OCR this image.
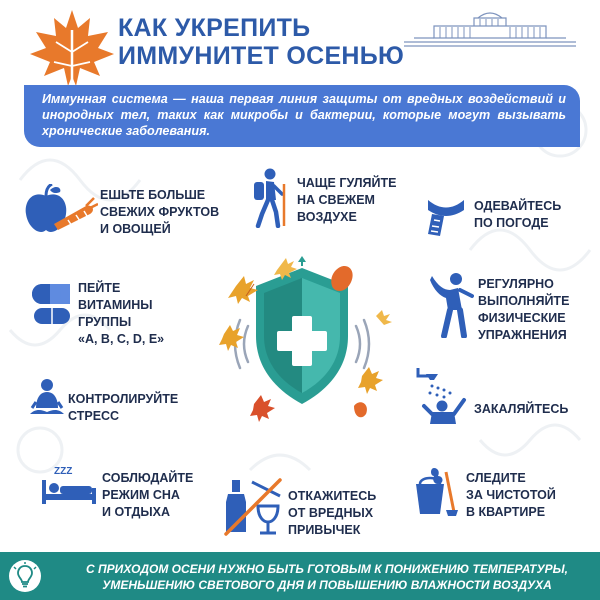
КАК УКРЕПИТЬ
ИММУНИТЕТ ОСЕНЬЮ
Иммунная система — наша первая линия защиты от вредных воздействий и инородных тел, таких как микробы и бактерии, которые могут вызывать хронические заболевания.
ЕШЬТЕ БОЛЬШЕ
СВЕЖИХ ФРУКТОВ
И ОВОЩЕЙ
ПЕЙТЕ
ВИТАМИНЫ
ГРУППЫ
«А, В, С, D, Е»
КОНТРОЛИРУЙТЕ
СТРЕСС
ZZZ СОБЛЮДАЙТЕ
РЕЖИМ СНА
И ОТДЫХА
ЧАЩЕ ГУЛЯЙТЕ
НА СВЕЖЕМ
ВОЗДУХЕ
ОТКАЖИТЕСЬ
ОТ ВРЕДНЫХ
ПРИВЫЧЕК
ОДЕВАЙТЕСЬ
ПО ПОГОДЕ
РЕГУЛЯРНО
ВЫПОЛНЯЙТЕ
ФИЗИЧЕСКИЕ
УПРАЖНЕНИЯ
ЗАКАЛЯЙТЕСЬ
СЛЕДИТЕ
ЗА ЧИСТОТОЙ
В КВАРТИРЕ
С ПРИХОДОМ ОСЕНИ НУЖНО БЫТЬ ГОТОВЫМ К ПОНИЖЕНИЮ ТЕМПЕРАТУРЫ,
УМЕНЬШЕНИЮ СВЕТОВОГО ДНЯ И ПОВЫШЕНИЮ ВЛАЖНОСТИ ВОЗДУХА
